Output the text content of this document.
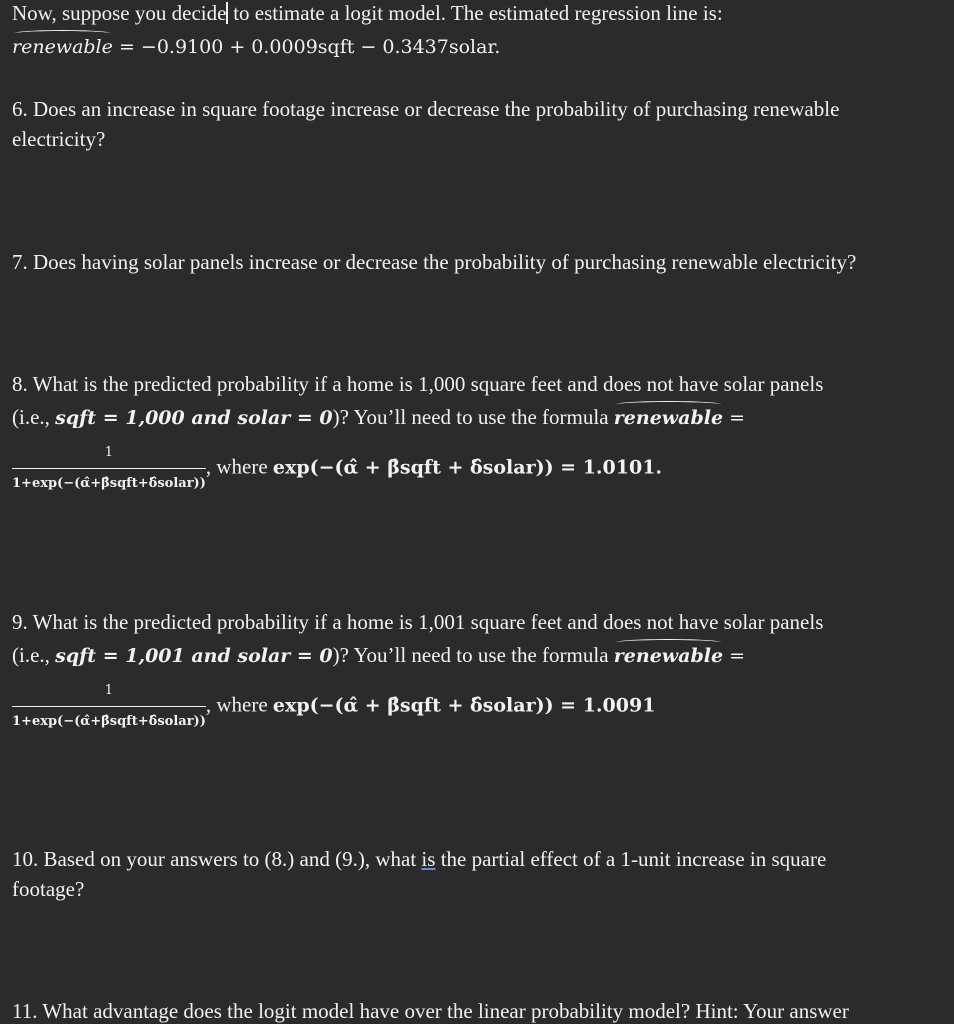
Now, suppose you decide to estimate a logit model. The estimated regression line is:
renewable = −0.9100 + 0.0009sqft − 0.3437solar.
6. Does an increase in square footage increase or decrease the probability of purchasing renewable
electricity?
7. Does having solar panels increase or decrease the probability of purchasing renewable electricity?
8. What is the predicted probability if a home is 1,000 square feet and does not have solar panels
(i.e., sqft = 1,000 and solar = 0)? You’ll need to use the formula renewable =
$\frac{1}{\text{1+exp(−(α̂+β̂sqft+δ̂solar))}}$ , where exp(−(α̂ + β̂sqft + δ̂solar)) = 1.0101.
9. What is the predicted probability if a home is 1,001 square feet and does not have solar panels
(i.e., sqft = 1,001 and solar = 0)? You’ll need to use the formula renewable =
$\frac{1}{\text{1+exp(−(α̂+β̂sqft+δ̂solar))}}$ , where exp(−(α̂ + β̂sqft + δ̂solar)) = 1.0091
10. Based on your answers to (8.) and (9.), what is the partial effect of a 1-unit increase in square
footage?
11. What advantage does the logit model have over the linear probability model? Hint: Your answer
